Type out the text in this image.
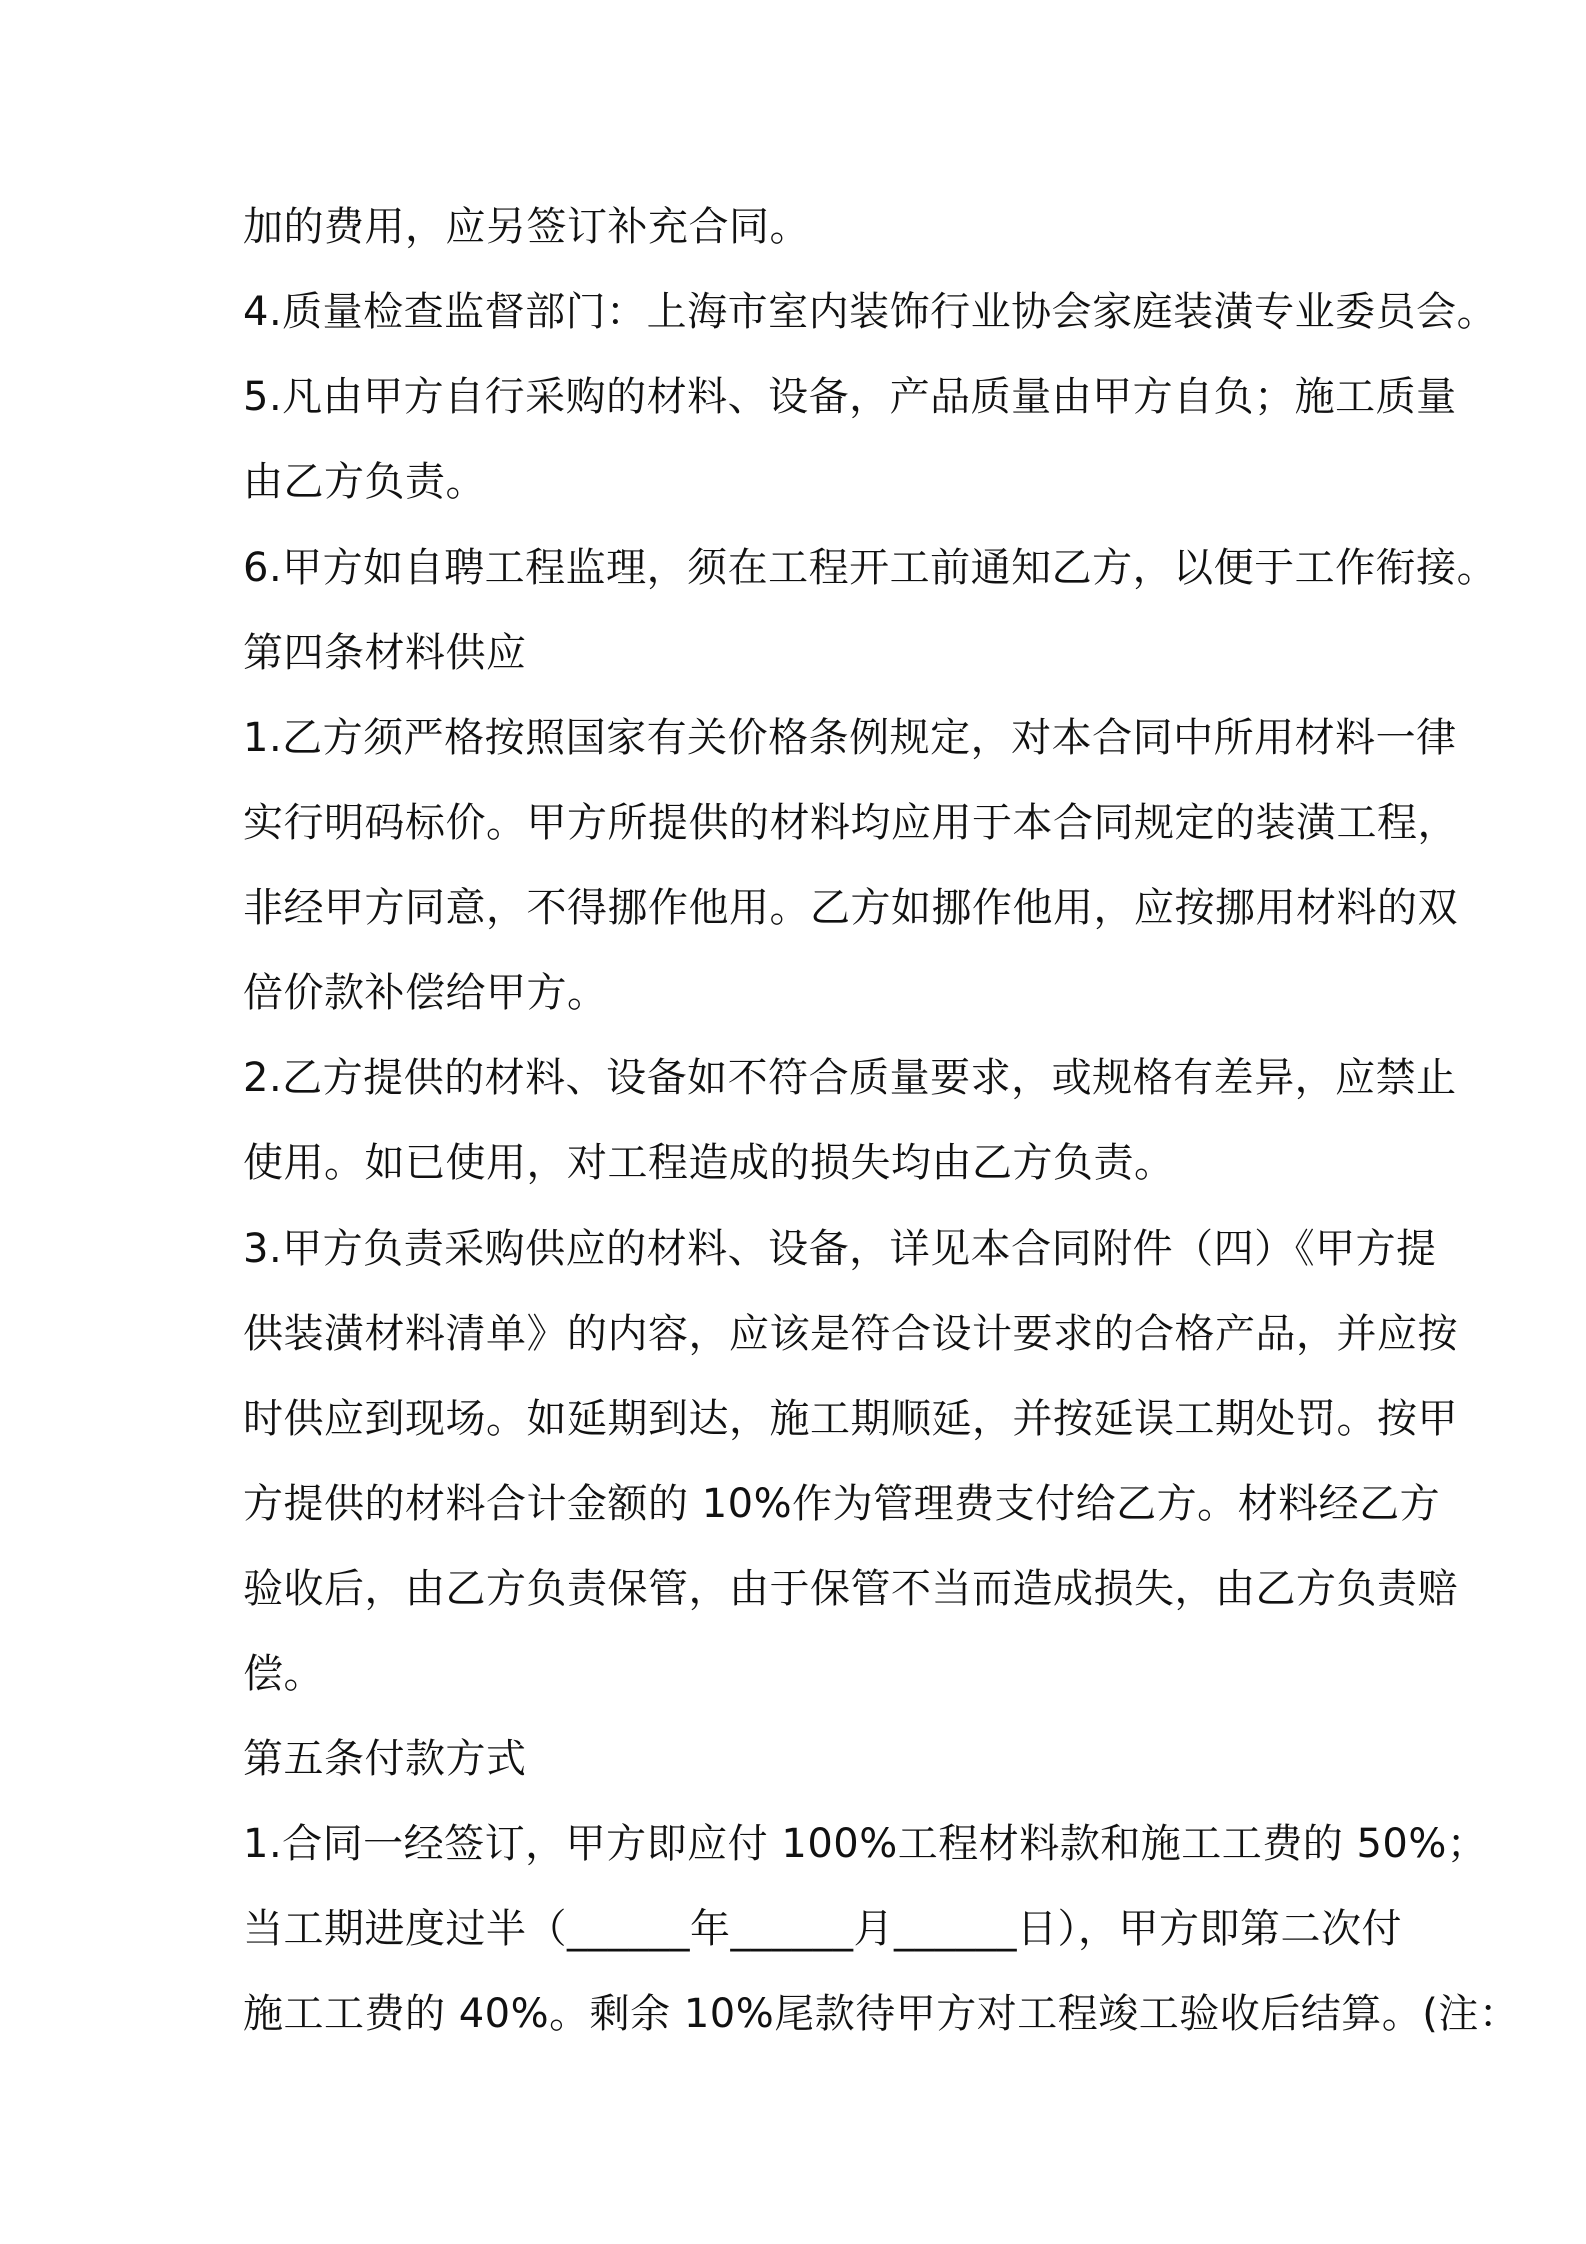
加的费用，应另签订补充合同。
4.质量检查监督部门：上海市室内装饰行业协会家庭装潢专业委员会。
5.凡由甲方自行采购的材料、设备，产品质量由甲方自负；施工质量
由乙方负责。
6.甲方如自聘工程监理，须在工程开工前通知乙方，以便于工作衔接。
第四条材料供应
1.乙方须严格按照国家有关价格条例规定，对本合同中所用材料一律
实行明码标价。甲方所提供的材料均应用于本合同规定的装潢工程，
非经甲方同意，不得挪作他用。乙方如挪作他用，应按挪用材料的双
倍价款补偿给甲方。
2.乙方提供的材料、设备如不符合质量要求，或规格有差异，应禁止
使用。如已使用，对工程造成的损失均由乙方负责。
3.甲方负责采购供应的材料、设备，详见本合同附件（四）《甲方提
供装潢材料清单》的内容，应该是符合设计要求的合格产品，并应按
时供应到现场。如延期到达，施工期顺延，并按延误工期处罚。按甲
方提供的材料合计金额的 10%作为管理费支付给乙方。材料经乙方
验收后，由乙方负责保管，由于保管不当而造成损失，由乙方负责赔
偿。
第五条付款方式
1.合同一经签订，甲方即应付 100%工程材料款和施工工费的 50%；
当工期进度过半（______年______月______日），甲方即第二次付
施工工费的 40%。剩余 10%尾款待甲方对工程竣工验收后结算。(注：
